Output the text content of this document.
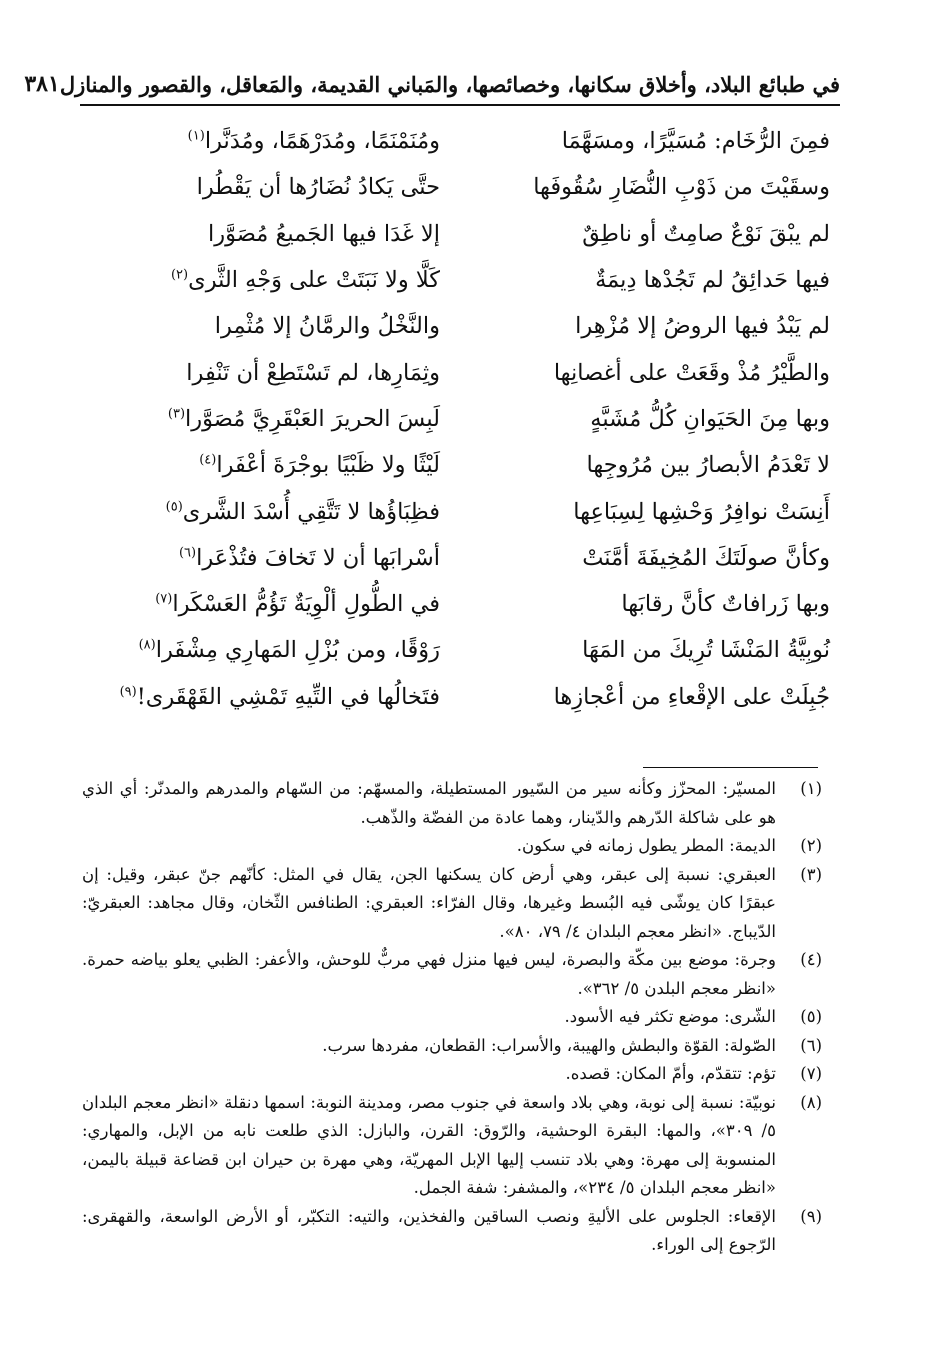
في طبائع البلاد، وأخلاق سكانها، وخصائصها، والمَباني القديمة، والمَعاقل، والقصور والمنازل
٣٨١
فمِنَ الرُّخَام: مُسَيَّرًا، ومسَهَّمَا
ومُنَمْنَمًا، ومُدَرْهَمًا، ومُدَنَّرا$^{(١)}$
وسقَيْتَ من ذَوْبِ النُّضَارِ سُقُوفَها
حتَّى يَكادُ نُضَارُها أن يَقْطُرا
لم يبْقَ نَوْعٌ صامِتٌ أو ناطِقٌ
إلا غَدَا فيها الجَميعُ مُصَوَّرا
فيها حَدائِقُ لم تَجُدْها دِيمَةٌ
كَلَّا ولا نَبَتَتْ على وَجْهِ الثَّرى$^{(٢)}$
لم يَبْدُ فيها الروضُ إلا مُزْهِرا
والنَّخْلُ والرمَّانُ إلا مُثْمِرا
والطَّيْرُ مُذْ وقَعَتْ على أغصانِها
وثِمَارِها، لم تَسْتَطِعْ أن تَنْفِرا
وبها مِنَ الحَيَوانِ كُلُّ مُشَبَّهٍ
لَبِسَ الحريرَ العَبْقَرِيَّ مُصَوَّرا$^{(٣)}$
لا تَعْدَمُ الأبصارُ بين مُرُوجِها
لَيْثًا ولا ظَبْيًا بوجْرَةَ أعْفَرا$^{(٤)}$
أَنِسَتْ نوافِرُ وَحْشِها لِسِبَاعِها
فظِبَاؤُها لا تَتَّقِي أُسْدَ الشَّرى$^{(٥)}$
وكأنَّ صولَتَكَ المُخِيفَةَ أمَّنَتْ
أسْرابَها أن لا تَخافَ فتُذْعَرا$^{(٦)}$
وبها زَرافاتٌ كأنَّ رقابَها
في الطُّولِ ألْوِيَةٌ تَؤُمُّ العَسْكَرا$^{(٧)}$
نُوبِيَّةُ المَنْشَا تُرِيكَ من المَهَا
رَوْقًا، ومن بُزْلِ المَهارِي مِشْفَرا$^{(٨)}$
جُبِلَتْ على الإقْعاءِ من أعْجازِها
فتَخالُها في التِّيهِ تَمْشِي القَهْقَرى!$^{(٩)}$
(١)
المسيّر: المحزّز وكأنه سير من السّيور المستطيلة، والمسهّم: من السّهام والمدرهم والمدنّر: أي الذي هو على شاكلة الدّرهم والدّينار، وهما عادة من الفضّة والذّهب.
(٢)
الديمة: المطر يطول زمانه في سكون.
(٣)
العبقري: نسبة إلى عبقر، وهي أرض كان يسكنها الجن، يقال في المثل: كأنّهم جنّ عبقر، وقيل: إن عبقرًا كان يوشّى فيه البُسط وغيرها، وقال الفرّاء: العبقري: الطنافس الثّخان، وقال مجاهد: العبقريّ: الدّيباج. «انظر معجم البلدان ٤/ ٧٩، ٨٠».
(٤)
وجرة: موضع بين مكّة والبصرة، ليس فيها منزل فهي مربٌّ للوحش، والأعفر: الظبي يعلو بياضه حمرة. «انظر معجم البلدن ٥/ ٣٦٢».
(٥)
الشّرى: موضع تكثر فيه الأسود.
(٦)
الصّولة: القوّة والبطش والهيبة، والأسراب: القطعان، مفردها سرب.
(٧)
تؤم: تتقدّم، وأمّ المكان: قصده.
(٨)
نوبيّة: نسبة إلى نوبة، وهي بلاد واسعة في جنوب مصر، ومدينة النوبة: اسمها دنقلة «انظر معجم البلدان ٥/ ٣٠٩»، والمها: البقرة الوحشية، والرّوق: القرن، والبازل: الذي طلعت نابه من الإبل، والمهاري: المنسوبة إلى مهرة: وهي بلاد تنسب إليها الإبل المهريّة، وهي مهرة بن حيران ابن قضاعة قبيلة باليمن، «انظر معجم البلدان ٥/ ٢٣٤»، والمشفر: شفة الجمل.
(٩)
الإقعاء: الجلوس على الأليةِ ونصب الساقين والفخذين، والتيه: التكبّر، أو الأرض الواسعة، والقهقرى: الرّجوع إلى الوراء.
